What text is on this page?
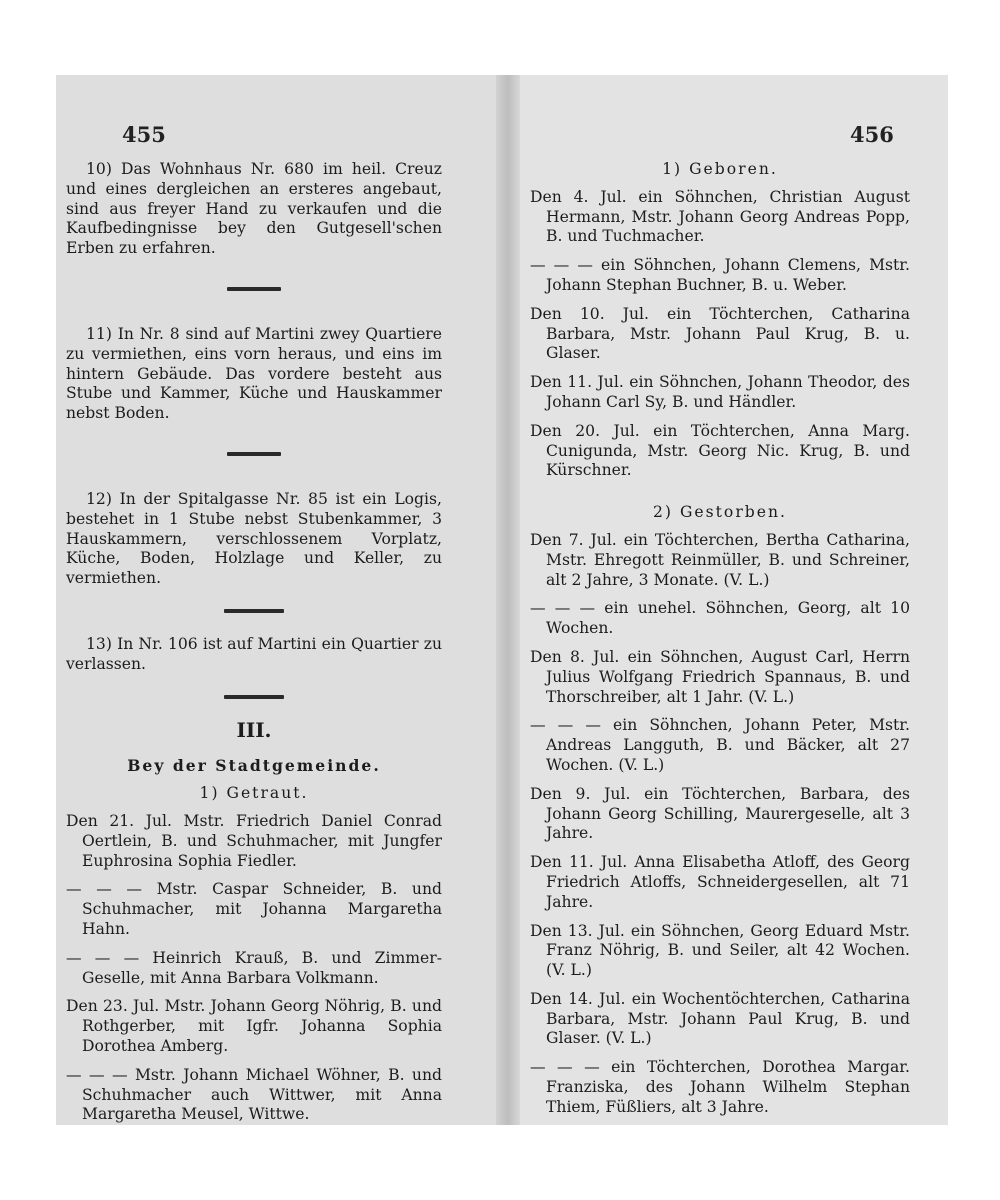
455	456
10) Das Wohnhaus Nr. 680 im heil. Creuz und eines dergleichen an ersteres angebaut, sind aus freyer Hand zu verkaufen und die Kaufbedingnisse bey den Gutgesell'schen Erben zu erfahren.
11) In Nr. 8 sind auf Martini zwey Quartiere zu vermiethen, eins vorn heraus, und eins im hintern Gebäude. Das vordere besteht aus Stube und Kammer, Küche und Hauskammer nebst Boden.
12) In der Spitalgasse Nr. 85 ist ein Logis, bestehet in 1 Stube nebst Stubenkammer, 3 Hauskammern, verschlossenem Vorplatz, Küche, Boden, Holzlage und Keller, zu vermiethen.
13) In Nr. 106 ist auf Martini ein Quartier zu verlassen.
III.
Bey der Stadtgemeinde.
1) Getraut.
Den 21. Jul. Mstr. Friedrich Daniel Conrad Oertlein, B. und Schuhmacher, mit Jungfer Euphrosina Sophia Fiedler.
— — — Mstr. Caspar Schneider, B. und Schuhmacher, mit Johanna Margaretha Hahn.
— — — Heinrich Krauß, B. und Zimmer-Geselle, mit Anna Barbara Volkmann.
Den 23. Jul. Mstr. Johann Georg Nöhrig, B. und Rothgerber, mit Igfr. Johanna Sophia Dorothea Amberg.
— — — Mstr. Johann Michael Wöhner, B. und Schuhmacher auch Wittwer, mit Anna Margaretha Meusel, Wittwe.
1) Geboren.
Den 4. Jul. ein Söhnchen, Christian August Hermann, Mstr. Johann Georg Andreas Popp, B. und Tuchmacher.
— — — ein Söhnchen, Johann Clemens, Mstr. Johann Stephan Buchner, B. u. Weber.
Den 10. Jul. ein Töchterchen, Catharina Barbara, Mstr. Johann Paul Krug, B. u. Glaser.
Den 11. Jul. ein Söhnchen, Johann Theodor, des Johann Carl Sy, B. und Händler.
Den 20. Jul. ein Töchterchen, Anna Marg. Cunigunda, Mstr. Georg Nic. Krug, B. und Kürschner.
2) Gestorben.
Den 7. Jul. ein Töchterchen, Bertha Catharina, Mstr. Ehregott Reinmüller, B. und Schreiner, alt 2 Jahre, 3 Monate. (V. L.)
— — — ein unehel. Söhnchen, Georg, alt 10 Wochen.
Den 8. Jul. ein Söhnchen, August Carl, Herrn Julius Wolfgang Friedrich Spannaus, B. und Thorschreiber, alt 1 Jahr. (V. L.)
— — — ein Söhnchen, Johann Peter, Mstr. Andreas Langguth, B. und Bäcker, alt 27 Wochen. (V. L.)
Den 9. Jul. ein Töchterchen, Barbara, des Johann Georg Schilling, Maurergeselle, alt 3 Jahre.
Den 11. Jul. Anna Elisabetha Atloff, des Georg Friedrich Atloffs, Schneidergesellen, alt 71 Jahre.
Den 13. Jul. ein Söhnchen, Georg Eduard Mstr. Franz Nöhrig, B. und Seiler, alt 42 Wochen. (V. L.)
Den 14. Jul. ein Wochentöchterchen, Catharina Barbara, Mstr. Johann Paul Krug, B. und Glaser. (V. L.)
— — — ein Töchterchen, Dorothea Margar. Franziska, des Johann Wilhelm Stephan Thiem, Füßliers, alt 3 Jahre.
